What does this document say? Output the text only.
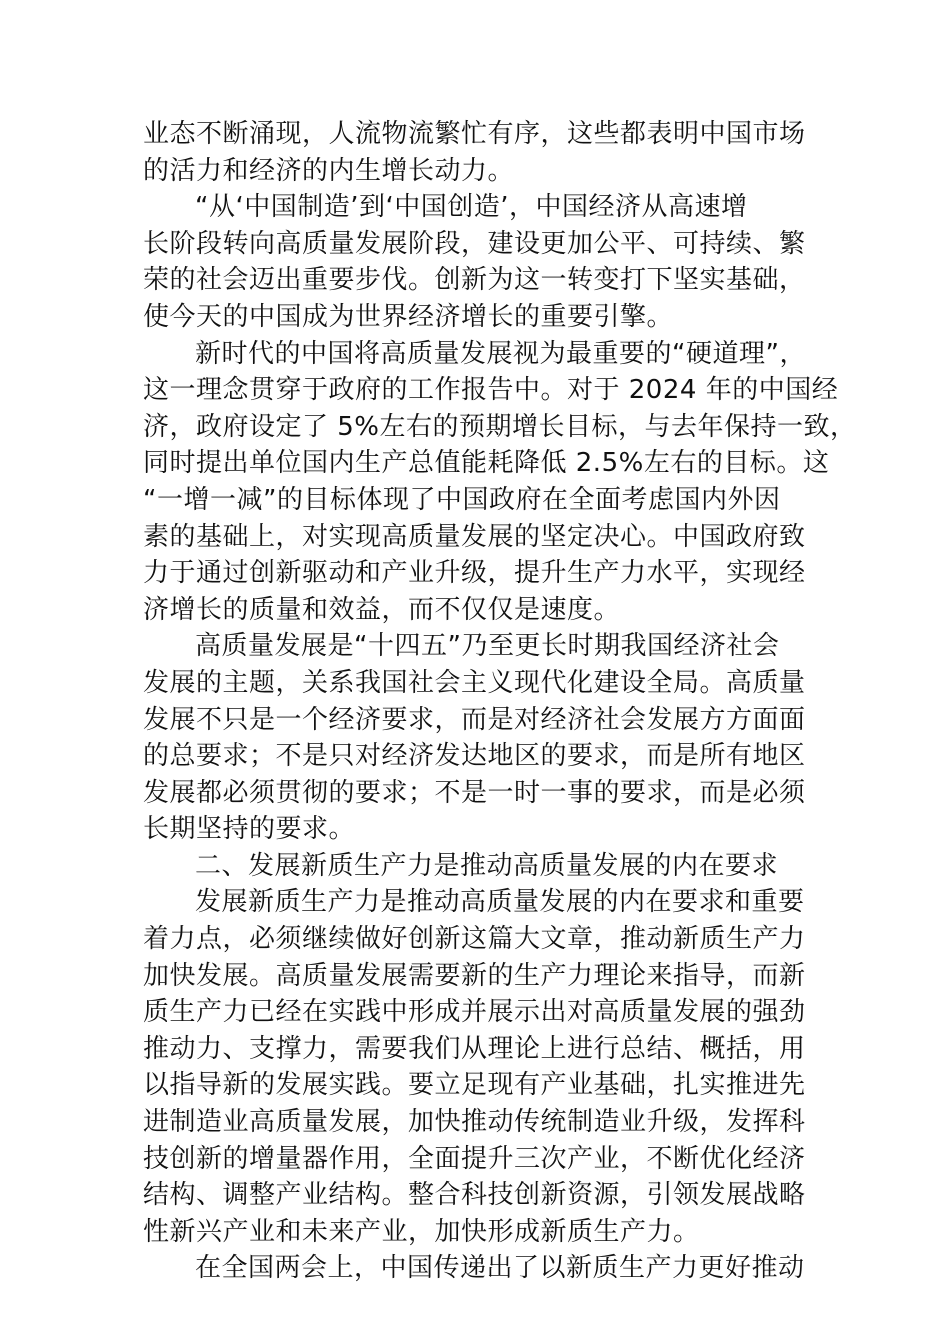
业态不断涌现，人流物流繁忙有序，这些都表明中国市场
的活力和经济的内生增长动力。
“从‘中国制造’到‘中国创造’，中国经济从高速增
长阶段转向高质量发展阶段，建设更加公平、可持续、繁
荣的社会迈出重要步伐。创新为这一转变打下坚实基础，
使今天的中国成为世界经济增长的重要引擎。
新时代的中国将高质量发展视为最重要的“硬道理”，
这一理念贯穿于政府的工作报告中。对于 2024 年的中国经
济，政府设定了 5%左右的预期增长目标，与去年保持一致，
同时提出单位国内生产总值能耗降低 2.5%左右的目标。这
“一增一减”的目标体现了中国政府在全面考虑国内外因
素的基础上，对实现高质量发展的坚定决心。中国政府致
力于通过创新驱动和产业升级，提升生产力水平，实现经
济增长的质量和效益，而不仅仅是速度。
高质量发展是“十四五”乃至更长时期我国经济社会
发展的主题，关系我国社会主义现代化建设全局。高质量
发展不只是一个经济要求，而是对经济社会发展方方面面
的总要求；不是只对经济发达地区的要求，而是所有地区
发展都必须贯彻的要求；不是一时一事的要求，而是必须
长期坚持的要求。
二、发展新质生产力是推动高质量发展的内在要求
发展新质生产力是推动高质量发展的内在要求和重要
着力点，必须继续做好创新这篇大文章，推动新质生产力
加快发展。高质量发展需要新的生产力理论来指导，而新
质生产力已经在实践中形成并展示出对高质量发展的强劲
推动力、支撑力，需要我们从理论上进行总结、概括，用
以指导新的发展实践。要立足现有产业基础，扎实推进先
进制造业高质量发展，加快推动传统制造业升级，发挥科
技创新的增量器作用，全面提升三次产业，不断优化经济
结构、调整产业结构。整合科技创新资源，引领发展战略
性新兴产业和未来产业，加快形成新质生产力。
在全国两会上，中国传递出了以新质生产力更好推动
